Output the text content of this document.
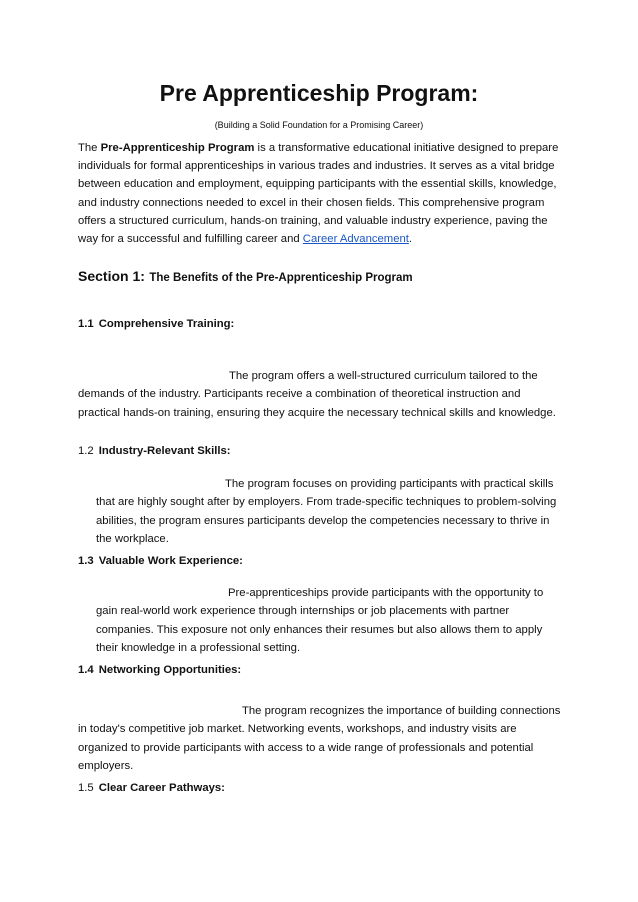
Pre Apprenticeship Program:

(Building a Solid Foundation for a Promising Career)

The Pre-Apprenticeship Program is a transformative educational initiative designed to prepare individuals for formal apprenticeships in various trades and industries. It serves as a vital bridge between education and employment, equipping participants with the essential skills, knowledge, and industry connections needed to excel in their chosen fields. This comprehensive program offers a structured curriculum, hands-on training, and valuable industry experience, paving the way for a successful and fulfilling career and Career Advancement.

Section 1: The Benefits of the Pre-Apprenticeship Program
1.1 Comprehensive Training:

The program offers a well-structured curriculum tailored to the demands of the industry. Participants receive a combination of theoretical instruction and practical hands-on training, ensuring they acquire the necessary technical skills and knowledge.

1.2 Industry-Relevant Skills:

The program focuses on providing participants with practical skills that are highly sought after by employers. From trade-specific techniques to problem-solving abilities, the program ensures participants develop the competencies necessary to thrive in the workplace.

1.3 Valuable Work Experience:

Pre-apprenticeships provide participants with the opportunity to gain real-world work experience through internships or job placements with partner companies. This exposure not only enhances their resumes but also allows them to apply their knowledge in a professional setting.

1.4 Networking Opportunities:

The program recognizes the importance of building connections in today's competitive job market. Networking events, workshops, and industry visits are organized to provide participants with access to a wide range of professionals and potential employers.

1.5 Clear Career Pathways:
